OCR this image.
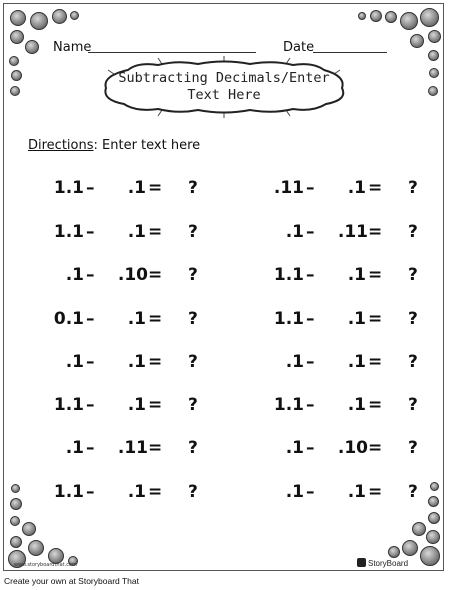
Name	Date
Subtracting Decimals/Enter
Text Here
Directions: Enter text here
1.1 – .1 = ?
1.1 – .1 = ?
.1 – .10 = ?
0.1 – .1 = ?
.1 – .1 = ?
1.1 – .1 = ?
.1 – .11 = ?
1.1 – .1 = ?
.11 – .1 = ?
.1 – .11 = ?
1.1 – .1 = ?
1.1 – .1 = ?
.1 – .1 = ?
1.1 – .1 = ?
.1 – .10 = ?
.1 – .1 = ?
www.storyboardthat.com	StoryBoard
Create your own at Storyboard That
